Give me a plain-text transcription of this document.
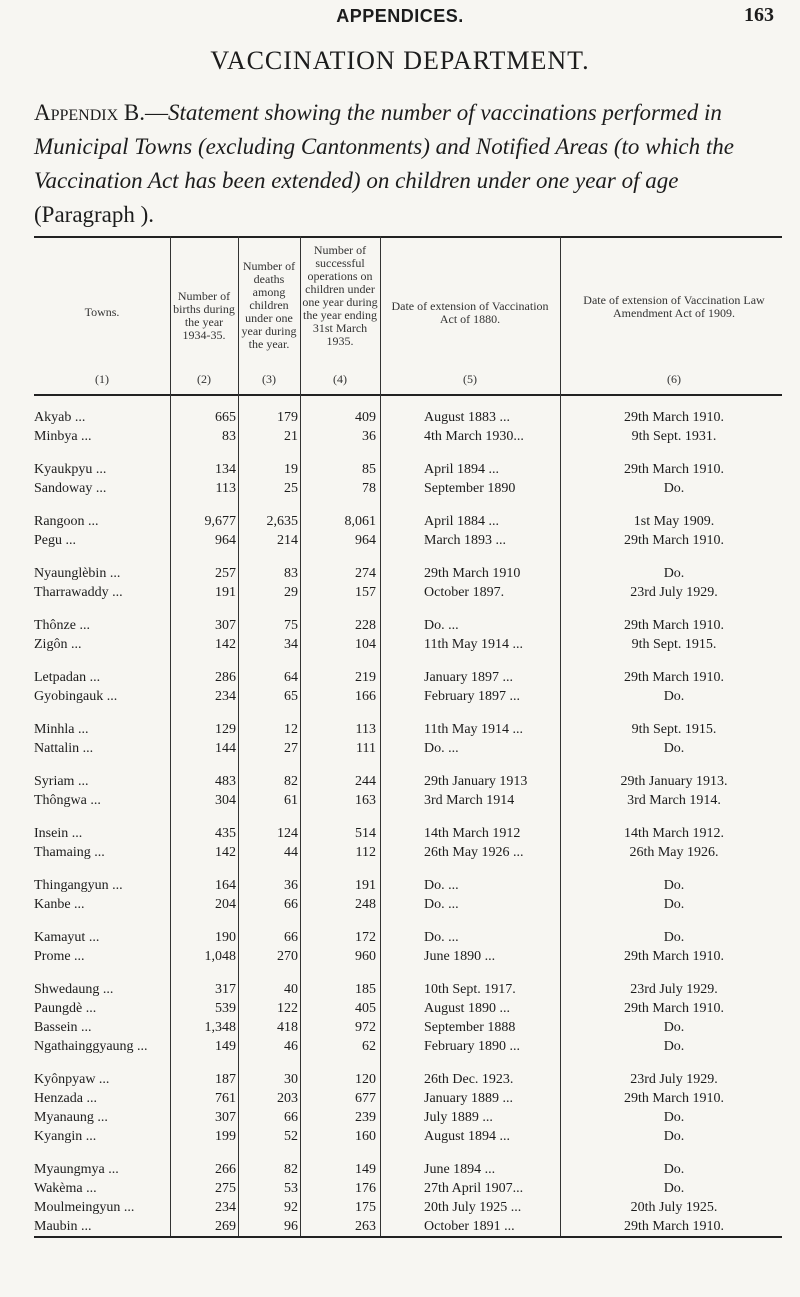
APPENDICES.	163
VACCINATION DEPARTMENT.
Appendix B.—Statement showing the number of vaccinations performed in Municipal Towns (excluding Cantonments) and Notified Areas (to which the Vaccination Act has been extended) on children under one year of age
(Paragraph ).
Towns.
Number of births during the year 1934-35.
Number of deaths among children under one year during the year.
Number of successful operations on children under one year during the year ending 31st March 1935.
Date of extension of Vaccination Act of 1880.
Date of extension of Vaccination Law Amendment Act of 1909.
(1)	(2)	(3)	(4)	(5)	(6)
Akyab ...	665	179	409	August 1883 ...	29th March 1910.
Minbya ...	83	21	36	4th March 1930...	9th Sept. 1931.
Kyaukpyu ...	134	19	85	April 1894 ...	29th March 1910.
Sandoway ...	113	25	78	September 1890	Do.
Rangoon ...	9,677	2,635	8,061	April 1884 ...	1st May 1909.
Pegu ...	964	214	964	March 1893 ...	29th March 1910.
Nyaunglèbin ...	257	83	274	29th March 1910	Do.
Tharrawaddy ...	191	29	157	October 1897.	23rd July 1929.
Thônze ...	307	75	228	Do. ...	29th March 1910.
Zigôn ...	142	34	104	11th May 1914 ...	9th Sept. 1915.
Letpadan ...	286	64	219	January 1897 ...	29th March 1910.
Gyobingauk ...	234	65	166	February 1897 ...	Do.
Minhla ...	129	12	113	11th May 1914 ...	9th Sept. 1915.
Nattalin ...	144	27	111	Do. ...	Do.
Syriam ...	483	82	244	29th January 1913	29th January 1913.
Thôngwa ...	304	61	163	3rd March 1914	3rd March 1914.
Insein ...	435	124	514	14th March 1912	14th March 1912.
Thamaing ...	142	44	112	26th May 1926 ...	26th May 1926.
Thingangyun ...	164	36	191	Do. ...	Do.
Kanbe ...	204	66	248	Do. ...	Do.
Kamayut ...	190	66	172	Do. ...	Do.
Prome ...	1,048	270	960	June 1890 ...	29th March 1910.
Shwedaung ...	317	40	185	10th Sept. 1917.	23rd July 1929.
Paungdè ...	539	122	405	August 1890 ...	29th March 1910.
Bassein ...	1,348	418	972	September 1888	Do.
Ngathainggyaung ...	149	46	62	February 1890 ...	Do.
Kyônpyaw ...	187	30	120	26th Dec. 1923.	23rd July 1929.
Henzada ...	761	203	677	January 1889 ...	29th March 1910.
Myanaung ...	307	66	239	July 1889 ...	Do.
Kyangin ...	199	52	160	August 1894 ...	Do.
Myaungmya ...	266	82	149	June 1894 ...	Do.
Wakèma ...	275	53	176	27th April 1907...	Do.
Moulmeingyun ...	234	92	175	20th July 1925 ...	20th July 1925.
Maubin ...	269	96	263	October 1891 ...	29th March 1910.
